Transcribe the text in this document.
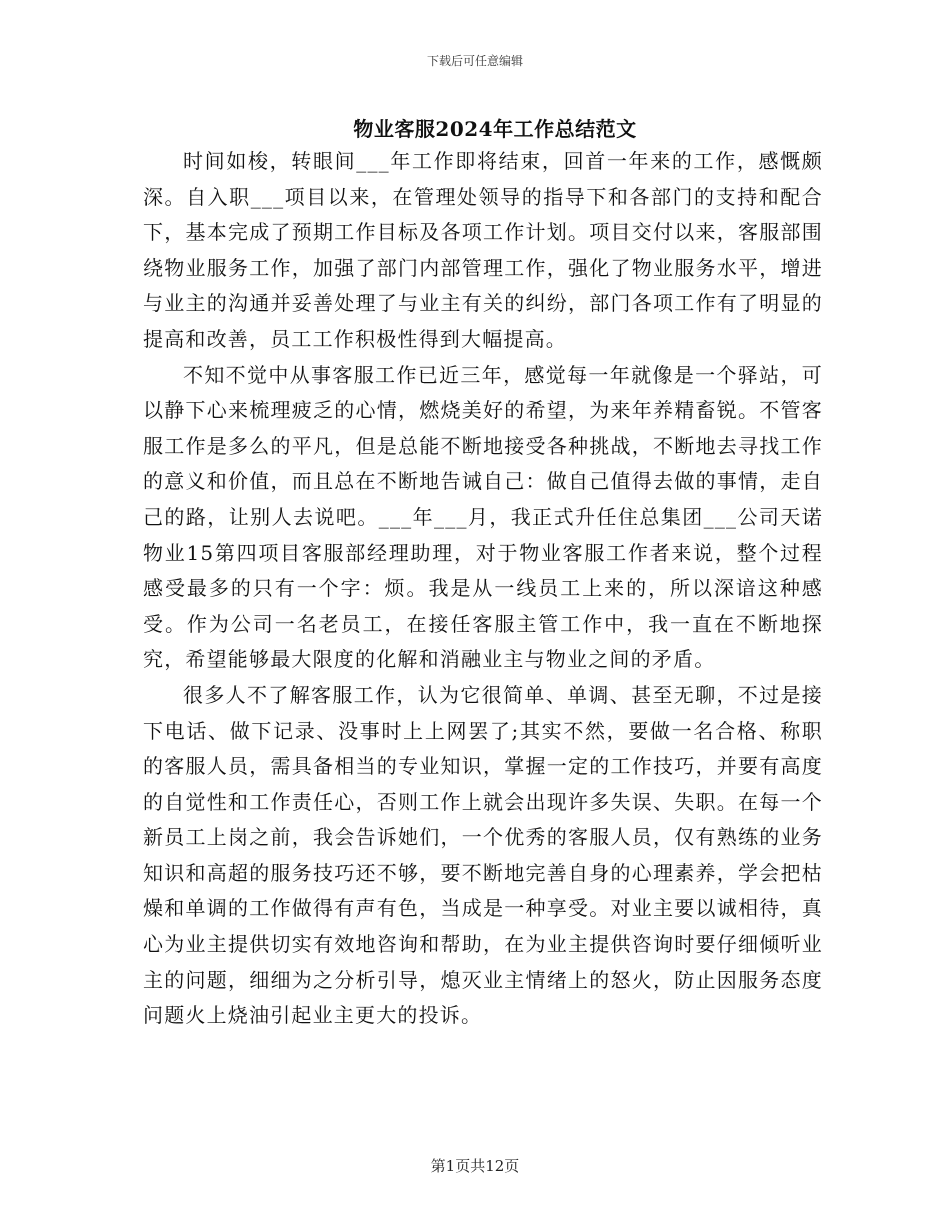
下载后可任意编辑
物业客服2024年工作总结范文

时间如梭，转眼间___年工作即将结束，回首一年来的工作，感慨颇深。自入职___项目以来，在管理处领导的指导下和各部门的支持和配合下，基本完成了预期工作目标及各项工作计划。项目交付以来，客服部围绕物业服务工作，加强了部门内部管理工作，强化了物业服务水平，增进与业主的沟通并妥善处理了与业主有关的纠纷，部门各项工作有了明显的提高和改善，员工工作积极性得到大幅提高。

不知不觉中从事客服工作已近三年，感觉每一年就像是一个驿站，可以静下心来梳理疲乏的心情，燃烧美好的希望，为来年养精畜锐。不管客服工作是多么的平凡，但是总能不断地接受各种挑战，不断地去寻找工作的意义和价值，而且总在不断地告诫自己：做自己值得去做的事情，走自己的路，让别人去说吧。___年___月，我正式升任住总集团___公司天诺物业15第四项目客服部经理助理，对于物业客服工作者来说，整个过程感受最多的只有一个字：烦。我是从一线员工上来的，所以深谙这种感受。作为公司一名老员工，在接任客服主管工作中，我一直在不断地探究，希望能够最大限度的化解和消融业主与物业之间的矛盾。

很多人不了解客服工作，认为它很简单、单调、甚至无聊，不过是接下电话、做下记录、没事时上上网罢了;其实不然，要做一名合格、称职的客服人员，需具备相当的专业知识，掌握一定的工作技巧，并要有高度的自觉性和工作责任心，否则工作上就会出现许多失误、失职。在每一个新员工上岗之前，我会告诉她们，一个优秀的客服人员，仅有熟练的业务知识和高超的服务技巧还不够，要不断地完善自身的心理素养，学会把枯燥和单调的工作做得有声有色，当成是一种享受。对业主要以诚相待，真心为业主提供切实有效地咨询和帮助，在为业主提供咨询时要仔细倾听业主的问题，细细为之分析引导，熄灭业主情绪上的怒火，防止因服务态度问题火上烧油引起业主更大的投诉。

第1页共12页
